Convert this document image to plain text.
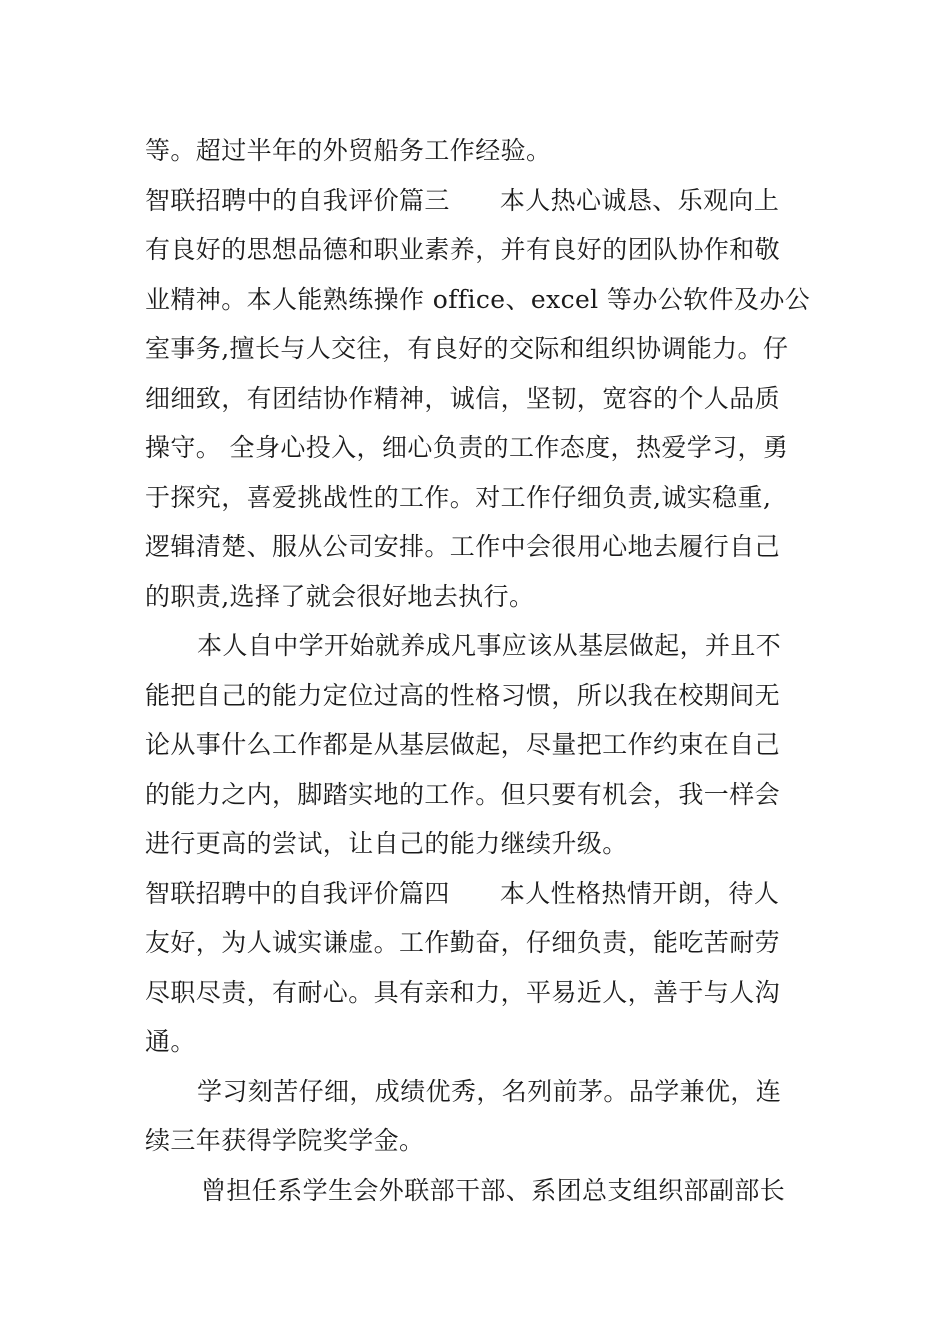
等。超过半年的外贸船务工作经验。
智联招聘中的自我评价篇三 本人热心诚恳、乐观向上
有良好的思想品德和职业素养，并有良好的团队协作和敬
业精神。本人能熟练操作 office、excel 等办公软件及办公
室事务,擅长与人交往，有良好的交际和组织协调能力。仔
细细致，有团结协作精神，诚信，坚韧，宽容的个人品质
操守。 全身心投入，细心负责的工作态度，热爱学习，勇
于探究，喜爱挑战性的工作。对工作仔细负责,诚实稳重,
逻辑清楚、服从公司安排。工作中会很用心地去履行自己
的职责,选择了就会很好地去执行。
本人自中学开始就养成凡事应该从基层做起，并且不
能把自己的能力定位过高的性格习惯，所以我在校期间无
论从事什么工作都是从基层做起，尽量把工作约束在自己
的能力之内，脚踏实地的工作。但只要有机会，我一样会
进行更高的尝试，让自己的能力继续升级。
智联招聘中的自我评价篇四 本人性格热情开朗，待人
友好，为人诚实谦虚。工作勤奋，仔细负责，能吃苦耐劳
尽职尽责，有耐心。具有亲和力，平易近人，善于与人沟
通。
学习刻苦仔细，成绩优秀，名列前茅。品学兼优，连
续三年获得学院奖学金。
曾担任系学生会外联部干部、系团总支组织部副部长
